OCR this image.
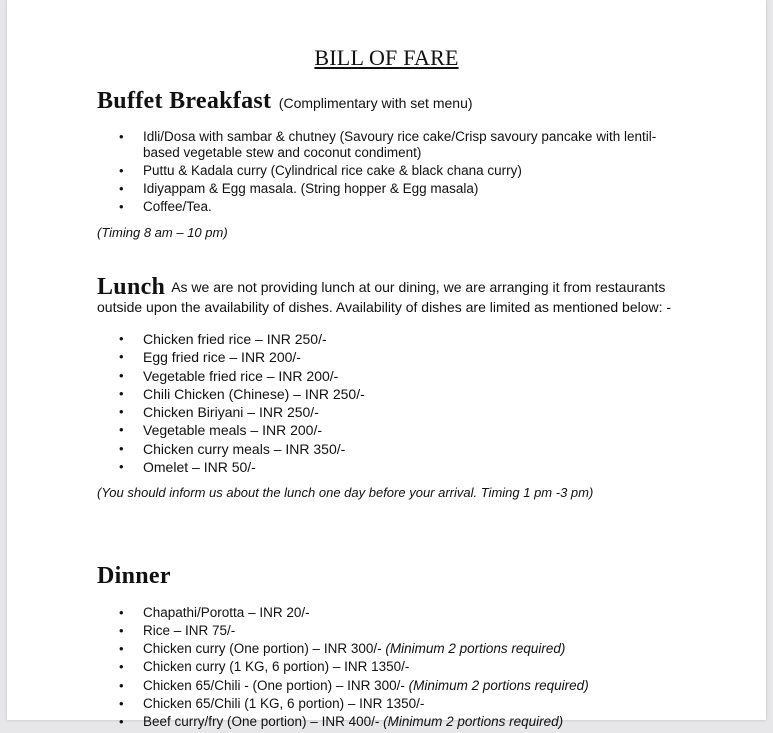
BILL OF FARE

Buffet Breakfast (Complimentary with set menu)

• Idli/Dosa with sambar & chutney (Savoury rice cake/Crisp savoury pancake with lentil-based vegetable stew and coconut condiment)
• Puttu & Kadala curry (Cylindrical rice cake & black chana curry)
• Idiyappam & Egg masala. (String hopper & Egg masala)
• Coffee/Tea.

(Timing 8 am – 10 pm)

Lunch As we are not providing lunch at our dining, we are arranging it from restaurants outside upon the availability of dishes. Availability of dishes are limited as mentioned below: -

• Chicken fried rice – INR 250/-
• Egg fried rice – INR 200/-
• Vegetable fried rice – INR 200/-
• Chili Chicken (Chinese) – INR 250/-
• Chicken Biriyani – INR 250/-
• Vegetable meals – INR 200/-
• Chicken curry meals – INR 350/-
• Omelet – INR 50/-

(You should inform us about the lunch one day before your arrival. Timing 1 pm -3 pm)

Dinner

• Chapathi/Porotta – INR 20/-
• Rice – INR 75/-
• Chicken curry (One portion) – INR 300/- (Minimum 2 portions required)
• Chicken curry (1 KG, 6 portion) – INR 1350/-
• Chicken 65/Chili - (One portion) – INR 300/- (Minimum 2 portions required)
• Chicken 65/Chili (1 KG, 6 portion) – INR 1350/-
• Beef curry/fry (One portion) – INR 400/- (Minimum 2 portions required)
